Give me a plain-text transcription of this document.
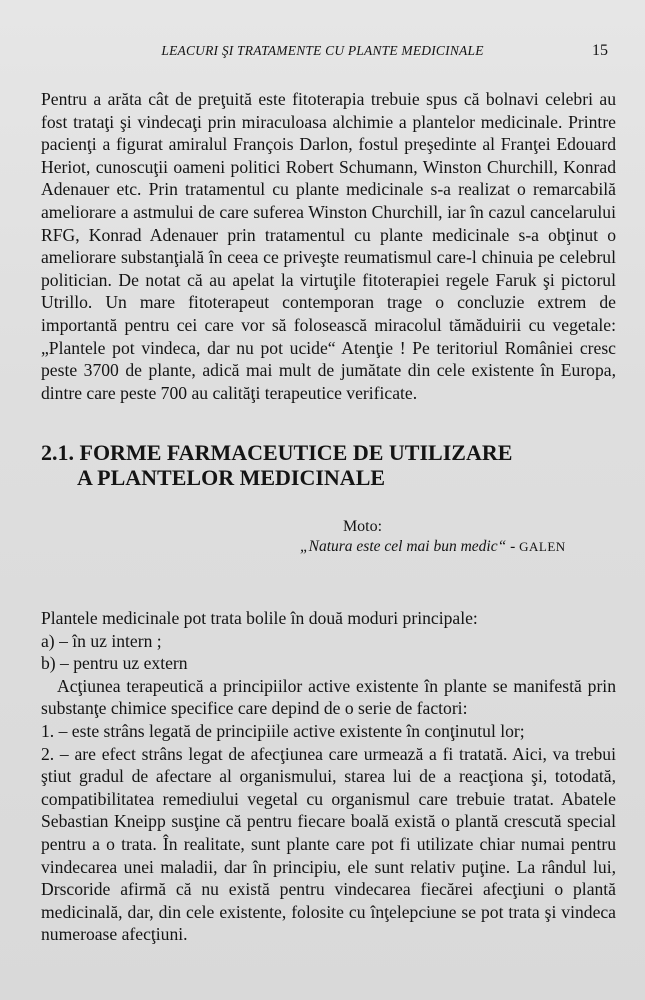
LEACURI ŞI TRATAMENTE CU PLANTE MEDICINALE	15

Pentru a arăta cât de preţuită este fitoterapia trebuie spus că bolnavi celebri au fost trataţi şi vindecaţi prin miraculoasa alchimie a plantelor medicinale. Printre pacienţi a figurat amiralul François Darlon, fostul preşedinte al Franţei Edouard Heriot, cunoscuţii oameni politici Robert Schumann, Winston Churchill, Konrad Adenauer etc. Prin tratamentul cu plante medicinale s-a realizat o remarcabilă ameliorare a astmului de care suferea Winston Churchill, iar în cazul cancelarului RFG, Konrad Adenauer prin tratamentul cu plante medicinale s-a obţinut o ameliorare substanţială în ceea ce priveşte reumatismul care-l chinuia pe celebrul politician. De notat că au apelat la virtuţile fitoterapiei regele Faruk şi pictorul Utrillo. Un mare fitoterapeut contemporan trage o concluzie extrem de importantă pentru cei care vor să folosească miracolul tămăduirii cu vegetale: „Plantele pot vindeca, dar nu pot ucide“ Atenţie ! Pe teritoriul României cresc peste 3700 de plante, adică mai mult de jumătate din cele existente în Europa, dintre care peste 700 au calităţi terapeutice verificate.

2.1. FORME FARMACEUTICE DE UTILIZARE
A PLANTELOR MEDICINALE
Moto:
„Natura este cel mai bun medic“ - GALEN

Plantele medicinale pot trata bolile în două moduri principale:

a) – în uz intern ;

b) – pentru uz extern

Acţiunea terapeutică a principiilor active existente în plante se manifestă prin substanţe chimice specifice care depind de o serie de factori:

1. – este strâns legată de principiile active existente în conţinutul lor;

2. – are efect strâns legat de afecţiunea care urmează a fi tratată. Aici, va trebui ştiut gradul de afectare al organismului, starea lui de a reacţiona şi, totodată, compatibilitatea remediului vegetal cu organismul care trebuie tratat. Abatele Sebastian Kneipp susţine că pentru fiecare boală există o plantă crescută special pentru a o trata. În realitate, sunt plante care pot fi utilizate chiar numai pentru vindecarea unei maladii, dar în principiu, ele sunt relativ puţine. La rândul lui, Drscoride afirmă că nu există pentru vindecarea fiecărei afecţiuni o plantă medicinală, dar, din cele existente, folosite cu înţelepciune se pot trata şi vindeca numeroase afecţiuni.
